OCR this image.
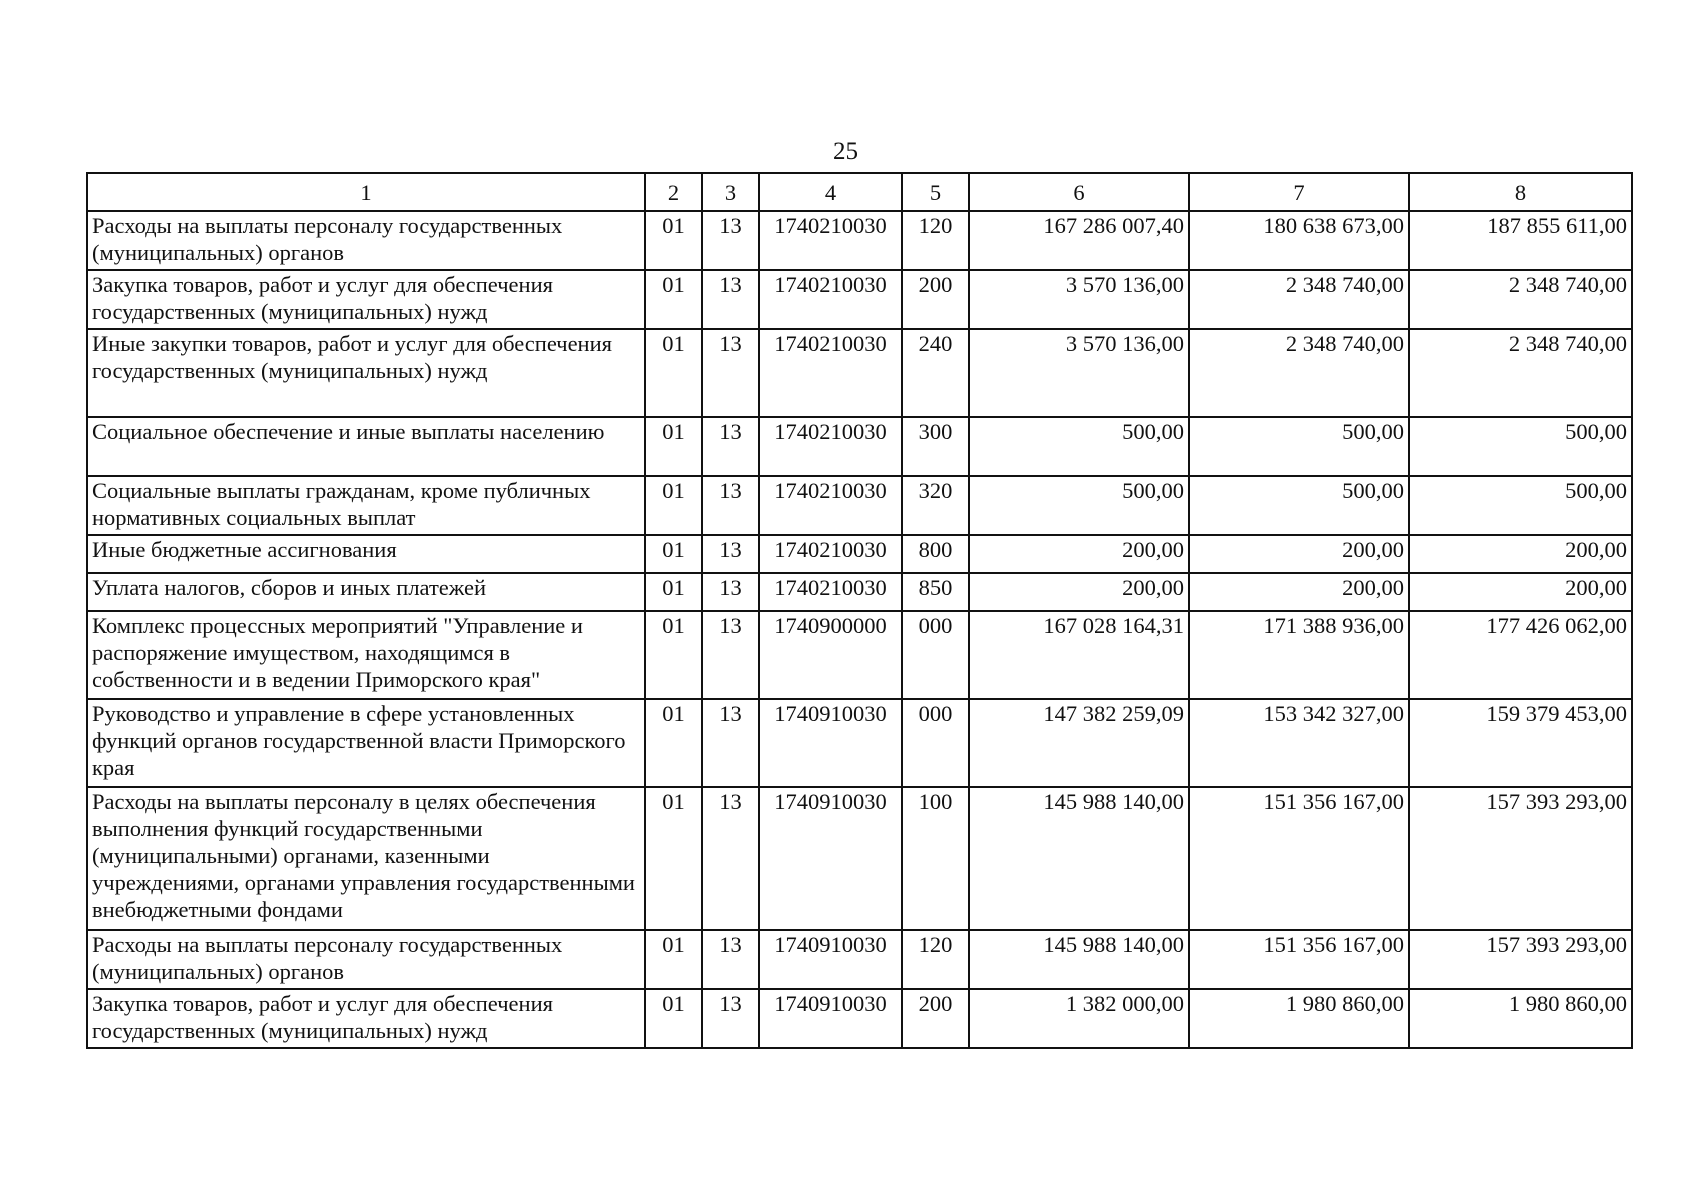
25
1	2	3	4	5	6	7	8
Расходы на выплаты персоналу государственных (муниципальных) органов	01	13	1740210030	120	167 286 007,40	180 638 673,00	187 855 611,00
Закупка товаров, работ и услуг для обеспечения государственных (муниципальных) нужд	01	13	1740210030	200	3 570 136,00	2 348 740,00	2 348 740,00
Иные закупки товаров, работ и услуг для обеспечения государственных (муниципальных) нужд	01	13	1740210030	240	3 570 136,00	2 348 740,00	2 348 740,00
Социальное обеспечение и иные выплаты населению	01	13	1740210030	300	500,00	500,00	500,00
Социальные выплаты гражданам, кроме публичных нормативных социальных выплат	01	13	1740210030	320	500,00	500,00	500,00
Иные бюджетные ассигнования	01	13	1740210030	800	200,00	200,00	200,00
Уплата налогов, сборов и иных платежей	01	13	1740210030	850	200,00	200,00	200,00
Комплекс процессных мероприятий "Управление и распоряжение имуществом, находящимся в собственности и в ведении Приморского края"	01	13	1740900000	000	167 028 164,31	171 388 936,00	177 426 062,00
Руководство и управление в сфере установленных функций органов государственной власти Приморского края	01	13	1740910030	000	147 382 259,09	153 342 327,00	159 379 453,00
Расходы на выплаты персоналу в целях обеспечения выполнения функций государственными (муниципальными) органами, казенными учреждениями, органами управления государственными внебюджетными фондами	01	13	1740910030	100	145 988 140,00	151 356 167,00	157 393 293,00
Расходы на выплаты персоналу государственных (муниципальных) органов	01	13	1740910030	120	145 988 140,00	151 356 167,00	157 393 293,00
Закупка товаров, работ и услуг для обеспечения государственных (муниципальных) нужд	01	13	1740910030	200	1 382 000,00	1 980 860,00	1 980 860,00
